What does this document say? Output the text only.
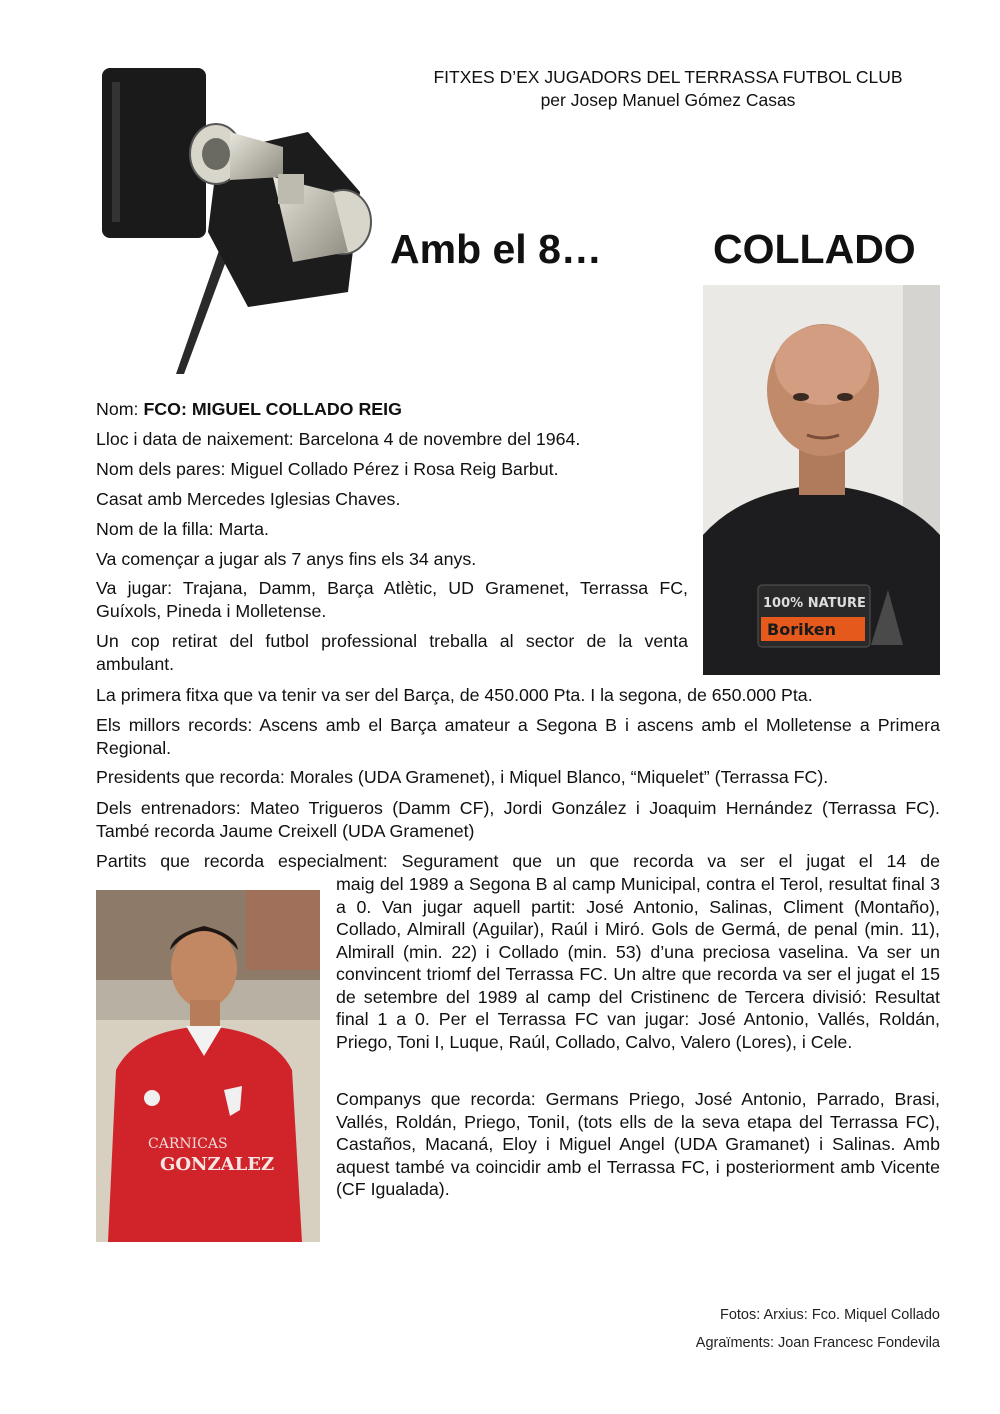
FITXES D’EX JUGADORS DEL TERRASSA FUTBOL CLUB
per Josep Manuel Gómez Casas
Amb el 8…	COLLADO
100% NATURE
Boriken
Nom: FCO: MIGUEL COLLADO REIG
Lloc i data de naixement: Barcelona 4 de novembre del 1964.
Nom dels pares: Miguel Collado Pérez i Rosa Reig Barbut.
Casat amb Mercedes Iglesias Chaves.
Nom de la filla: Marta.
Va començar a jugar als 7 anys fins els 34 anys.
Va jugar: Trajana, Damm, Barça Atlètic, UD Gramenet, Terrassa FC, Guíxols, Pineda i Molletense.
Un cop retirat del futbol professional treballa al sector de la venta ambulant.
La primera fitxa que va tenir va ser del Barça, de 450.000 Pta. I la segona, de 650.000 Pta.
Els millors records: Ascens amb el Barça amateur a Segona B i ascens amb el Molletense a Primera Regional.
Presidents que recorda: Morales (UDA Gramenet), i Miquel Blanco, “Miquelet” (Terrassa FC).
Dels entrenadors: Mateo Trigueros (Damm CF), Jordi González i Joaquim Hernández (Terrassa FC). També recorda Jaume Creixell (UDA Gramenet)
Partits que recorda especialment: Segurament que un que recorda va ser el jugat el 14 de
CARNICAS
GONZALEZ
maig del 1989 a Segona B al camp Municipal, contra el Terol, resultat final 3 a 0. Van jugar aquell partit: José Antonio, Salinas, Climent (Montaño), Collado, Almirall (Aguilar), Raúl i Miró. Gols de Germá, de penal (min. 11), Almirall (min. 22) i Collado (min. 53) d’una preciosa vaselina. Va ser un convincent triomf del Terrassa FC. Un altre que recorda va ser el jugat el 15 de setembre del 1989 al camp del Cristinenc de Tercera divisió: Resultat final 1 a 0. Per el Terrassa FC van jugar: José Antonio, Vallés, Roldán, Priego, Toni I, Luque, Raúl, Collado, Calvo, Valero (Lores), i Cele.
Companys que recorda: Germans Priego, José Antonio, Parrado, Brasi, Vallés, Roldán, Priego, ToniI, (tots ells de la seva etapa del Terrassa FC), Castaños, Macaná, Eloy i Miguel Angel (UDA Gramanet) i Salinas. Amb aquest també va coincidir amb el Terrassa FC, i posteriorment amb Vicente (CF Igualada).
Fotos: Arxius: Fco. Miquel Collado
Agraïments: Joan Francesc Fondevila
